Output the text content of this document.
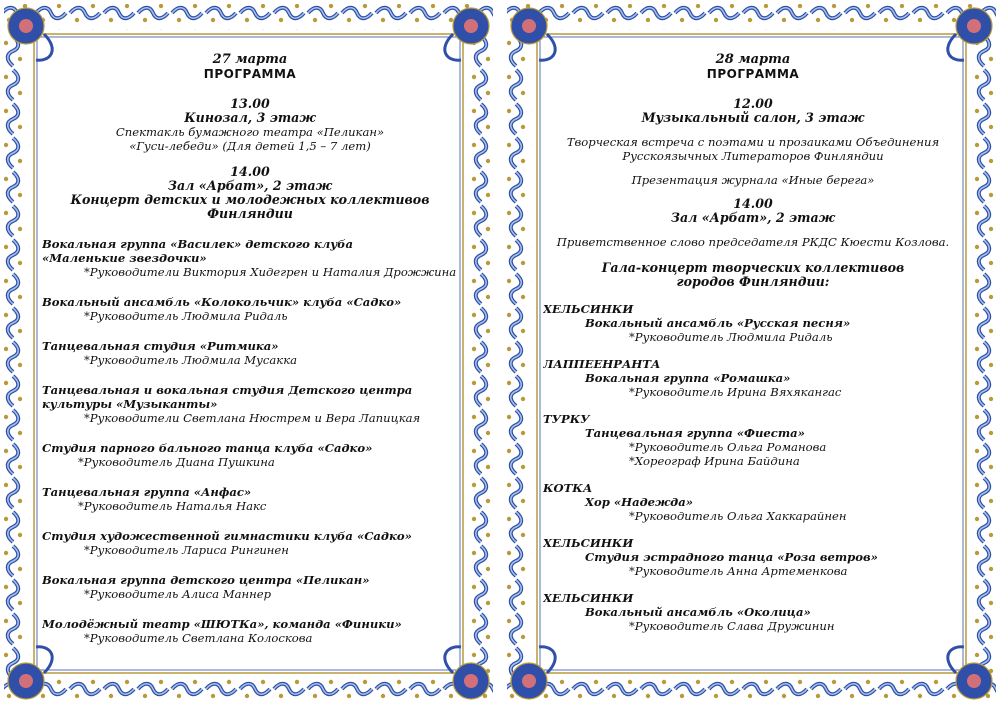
27 марта
ПРОГРАММА
13.00
Кинозал, 3 этаж
Спектакль бумажного театра «Пеликан»
«Гуси-лебеди» (Для детей 1,5 – 7 лет)
14.00
Зал «Арбат», 2 этаж
Концерт детских и молодежных коллективов
Финляндии
Вокальная группа «Василек» детского клуба
«Маленькие звездочки»
*Руководители Виктория Хидегрен и Наталия Дрожжина
Вокальный ансамбль «Колокольчик» клуба «Садко»
*Руководитель Людмила Ридаль
Танцевальная студия «Ритмика»
*Руководитель Людмила Мусакка
Танцевальная и вокальная студия Детского центра
культуры «Музыканты»
*Руководители Светлана Нюстрем и Вера Лапицкая
Студия парного бального танца клуба «Садко»
*Руководитель Диана Пушкина
Танцевальная группа «Анфас»
*Руководитель Наталья Накс
Студия художественной гимнастики клуба «Садко»
*Руководитель Лариса Рингинен
Вокальная группа детского центра «Пеликан»
*Руководитель Алиса Маннер
Молодёжный театр «ШЮТКа», команда «Финики»
*Руководитель Светлана Колоскова
28 марта
ПРОГРАММА
12.00
Музыкальный салон, 3 этаж
Творческая встреча с поэтами и прозаиками Объединения
Русскоязычных Литераторов Финляндии
Презентация журнала «Иные берега»
14.00
Зал «Арбат», 2 этаж
Приветственное слово председателя РКДС Кюести Козлова.
Гала-концерт творческих коллективов
городов Финляндии:
ХЕЛЬСИНКИ
Вокальный ансамбль «Русская песня»
*Руководитель Людмила Ридаль
ЛАППЕЕНРАНТА
Вокальная группа «Ромашка»
*Руководитель Ирина Вяхякангас
ТУРКУ
Танцевальная группа «Фиеста»
*Руководитель Ольга Романова
*Хореограф Ирина Байдина
КОТКА
Хор «Надежда»
*Руководитель Ольга Хаккарайнен
ХЕЛЬСИНКИ
Студия эстрадного танца «Роза ветров»
*Руководитель Анна Артеменкова
ХЕЛЬСИНКИ
Вокальный ансамбль «Околица»
*Руководитель Слава Дружинин
